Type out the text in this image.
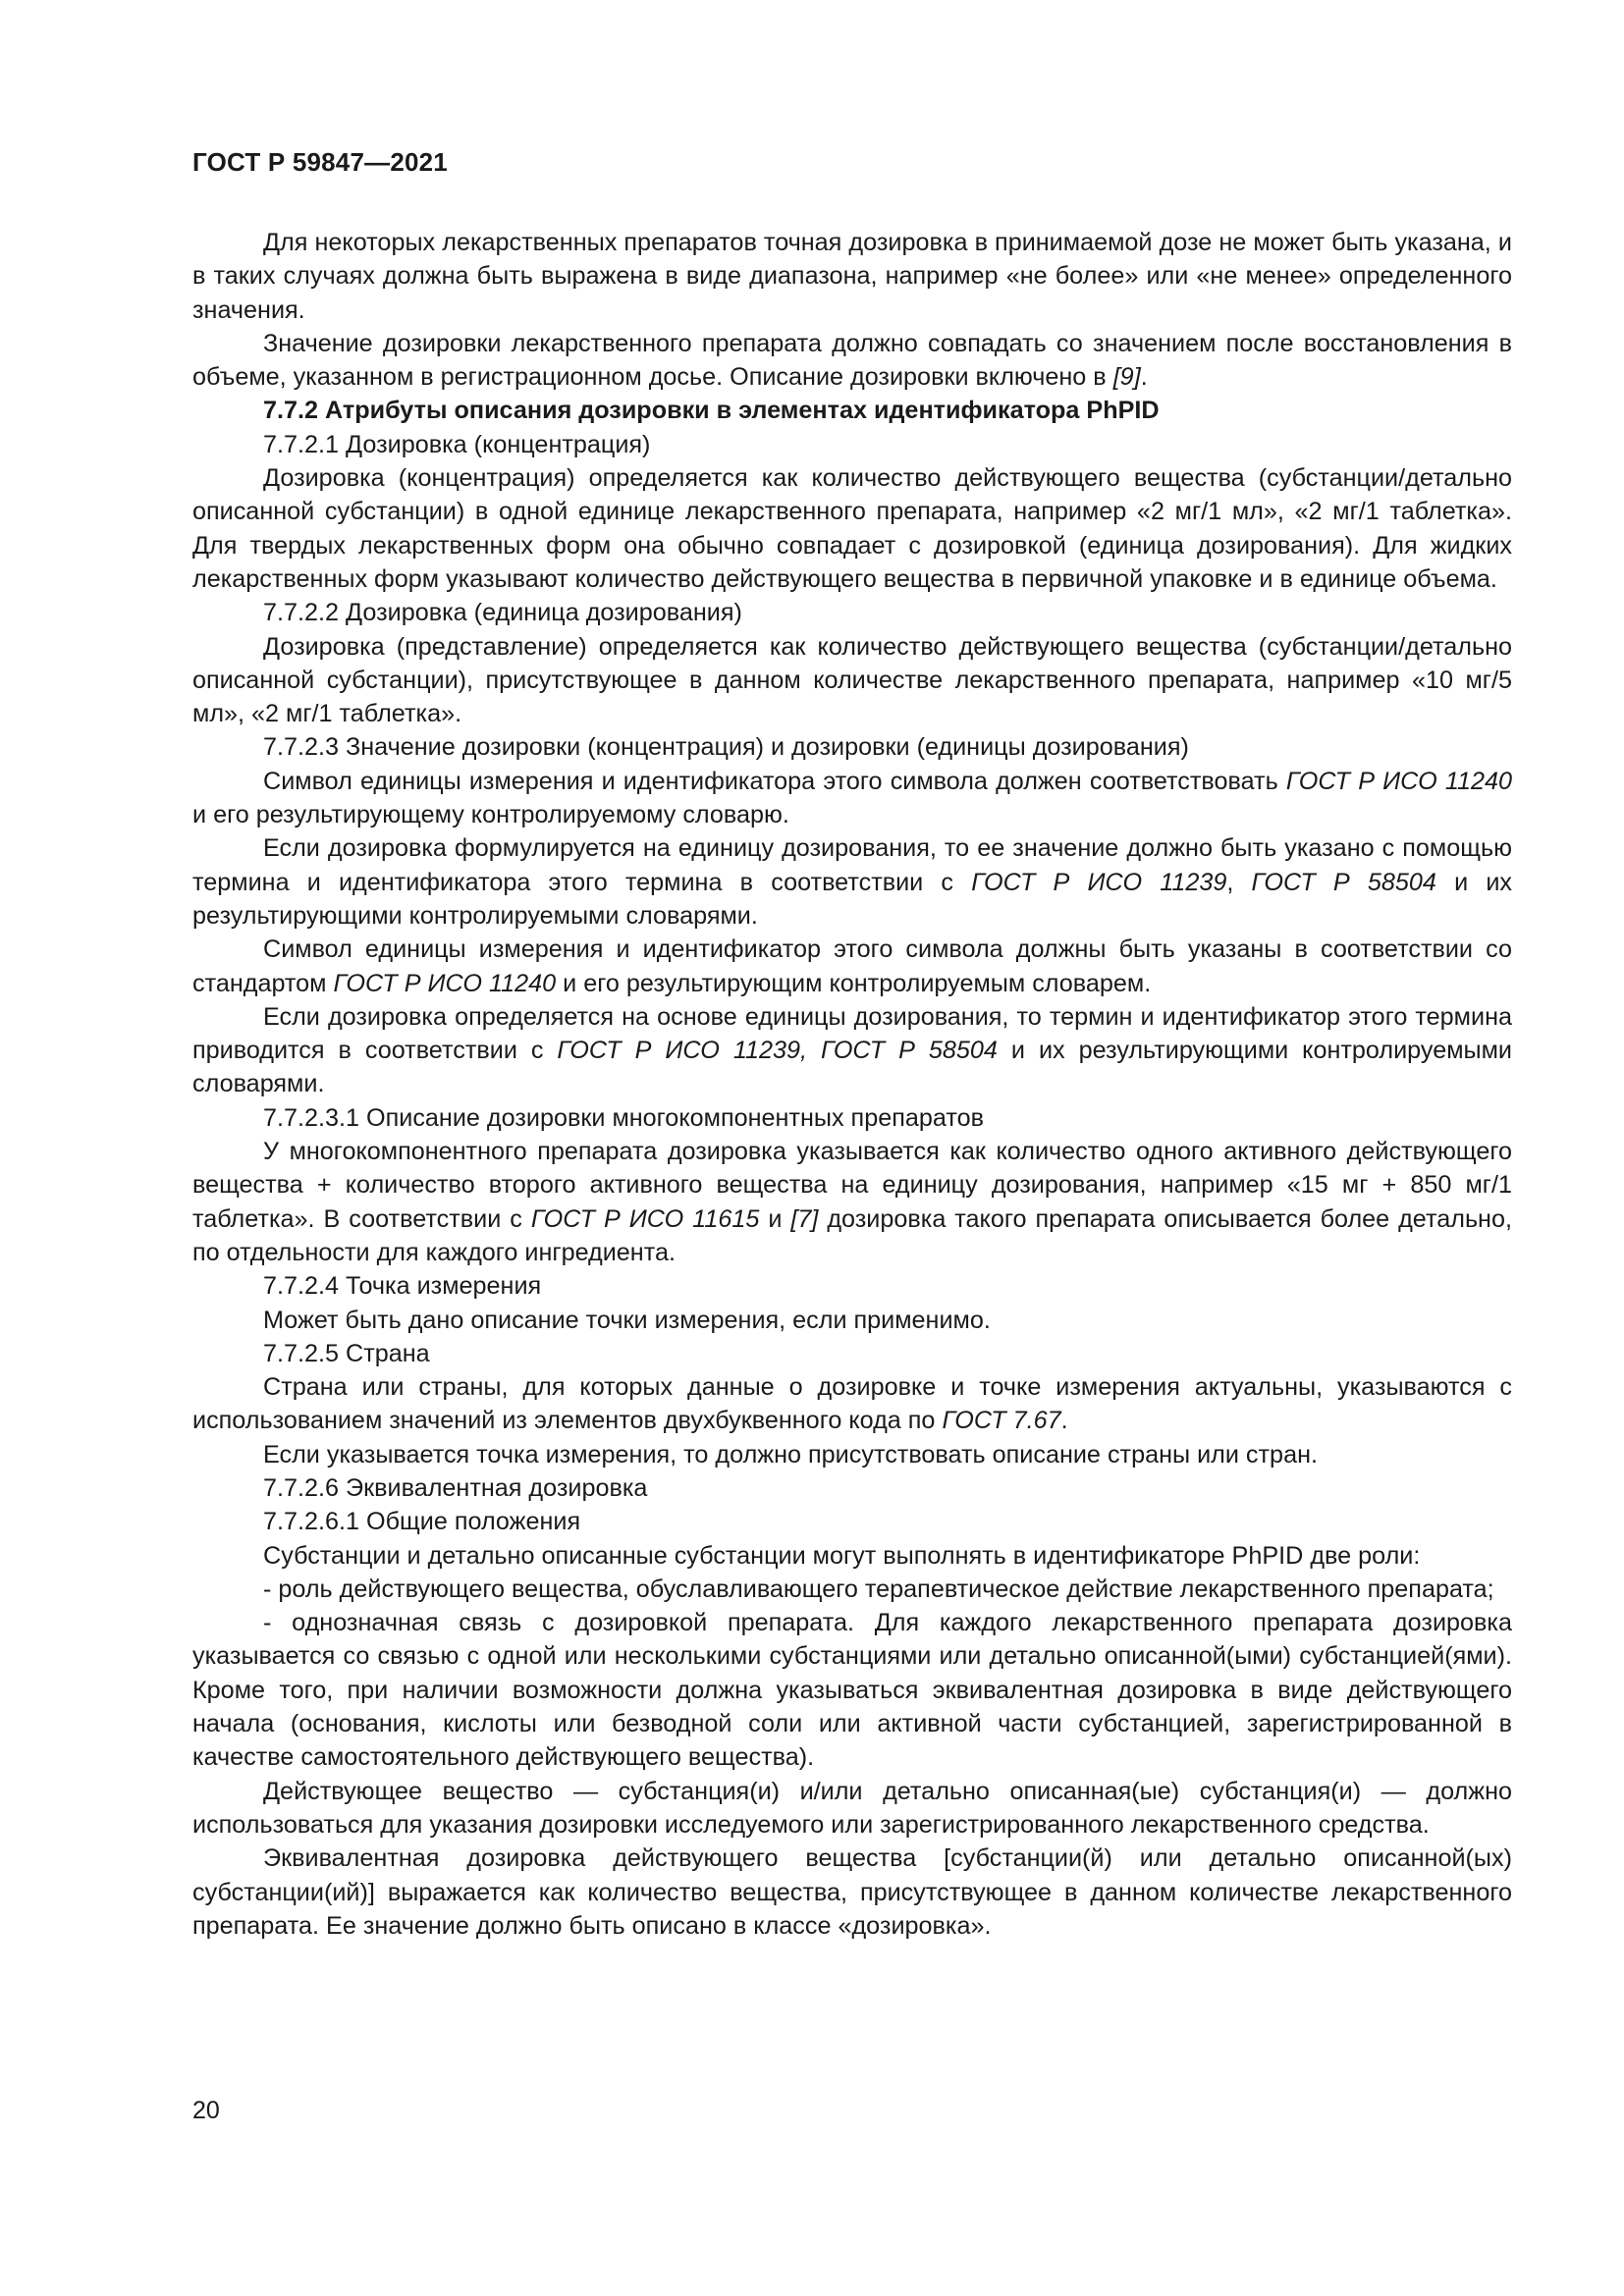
ГОСТ Р 59847—2021

Для некоторых лекарственных препаратов точная дозировка в принимаемой дозе не может быть указана, и в таких случаях должна быть выражена в виде диапазона, например «не более» или «не менее» определенного значения.

Значение дозировки лекарственного препарата должно совпадать со значением после восстановления в объеме, указанном в регистрационном досье. Описание дозировки включено в [9].

7.7.2 Атрибуты описания дозировки в элементах идентификатора PhPID

7.7.2.1 Дозировка (концентрация)

Дозировка (концентрация) определяется как количество действующего вещества (субстанции/детально описанной субстанции) в одной единице лекарственного препарата, например «2 мг/1 мл», «2 мг/1 таблетка». Для твердых лекарственных форм она обычно совпадает с дозировкой (единица дозирования). Для жидких лекарственных форм указывают количество действующего вещества в первичной упаковке и в единице объема.

7.7.2.2 Дозировка (единица дозирования)

Дозировка (представление) определяется как количество действующего вещества (субстанции/детально описанной субстанции), присутствующее в данном количестве лекарственного препарата, например «10 мг/5 мл», «2 мг/1 таблетка».

7.7.2.3 Значение дозировки (концентрация) и дозировки (единицы дозирования)

Символ единицы измерения и идентификатора этого символа должен соответствовать ГОСТ Р ИСО 11240 и его результирующему контролируемому словарю.

Если дозировка формулируется на единицу дозирования, то ее значение должно быть указано с помощью термина и идентификатора этого термина в соответствии с ГОСТ Р ИСО 11239, ГОСТ Р 58504 и их результирующими контролируемыми словарями.

Символ единицы измерения и идентификатор этого символа должны быть указаны в соответствии со стандартом ГОСТ Р ИСО 11240 и его результирующим контролируемым словарем.

Если дозировка определяется на основе единицы дозирования, то термин и идентификатор этого термина приводится в соответствии с ГОСТ Р ИСО 11239, ГОСТ Р 58504 и их результирующими контролируемыми словарями.

7.7.2.3.1 Описание дозировки многокомпонентных препаратов

У многокомпонентного препарата дозировка указывается как количество одного активного действующего вещества + количество второго активного вещества на единицу дозирования, например «15 мг + 850 мг/1 таблетка». В соответствии с ГОСТ Р ИСО 11615 и [7] дозировка такого препарата описывается более детально, по отдельности для каждого ингредиента.

7.7.2.4 Точка измерения

Может быть дано описание точки измерения, если применимо.

7.7.2.5 Страна

Страна или страны, для которых данные о дозировке и точке измерения актуальны, указываются с использованием значений из элементов двухбуквенного кода по ГОСТ 7.67.

Если указывается точка измерения, то должно присутствовать описание страны или стран.

7.7.2.6 Эквивалентная дозировка

7.7.2.6.1 Общие положения

Субстанции и детально описанные субстанции могут выполнять в идентификаторе PhPID две роли:

- роль действующего вещества, обуславливающего терапевтическое действие лекарственного препарата;

- однозначная связь с дозировкой препарата. Для каждого лекарственного препарата дозировка указывается со связью с одной или несколькими субстанциями или детально описанной(ыми) субстанцией(ями). Кроме того, при наличии возможности должна указываться эквивалентная дозировка в виде действующего начала (основания, кислоты или безводной соли или активной части субстанцией, зарегистрированной в качестве самостоятельного действующего вещества).

Действующее вещество — субстанция(и) и/или детально описанная(ые) субстанция(и) — должно использоваться для указания дозировки исследуемого или зарегистрированного лекарственного средства.

Эквивалентная дозировка действующего вещества [субстанции(й) или детально описанной(ых) субстанции(ий)] выражается как количество вещества, присутствующее в данном количестве лекарственного препарата. Ее значение должно быть описано в классе «дозировка».

20
